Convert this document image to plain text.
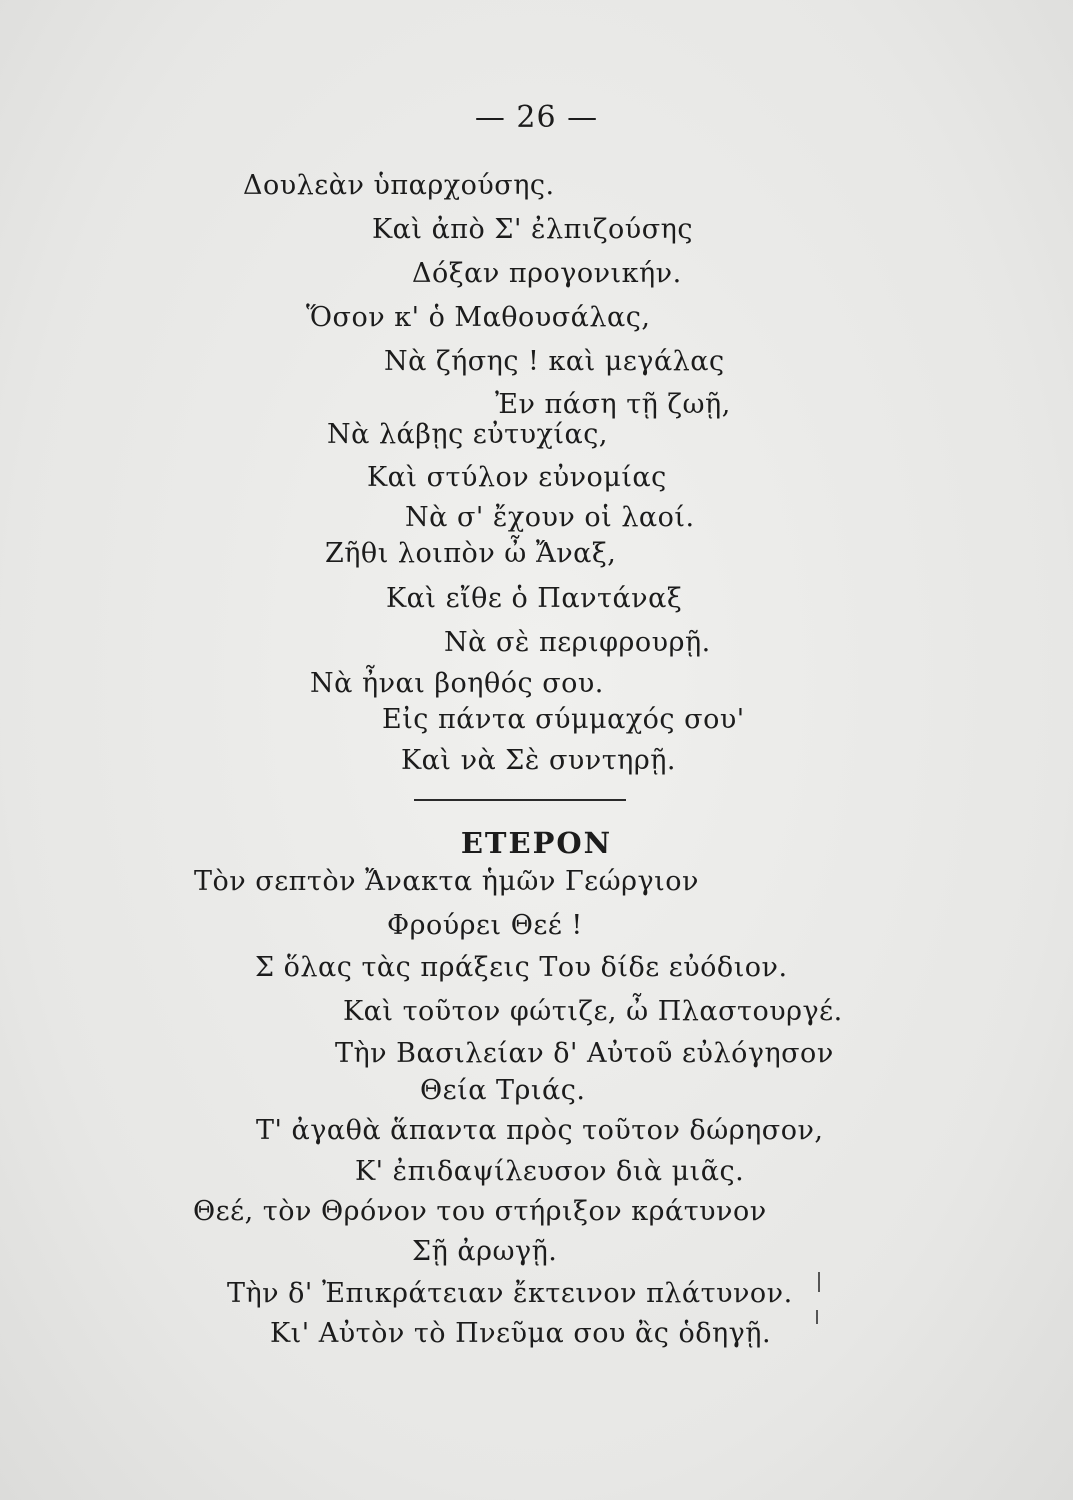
— 26 —
Δουλεὰν ὑπαρχούσης.
Καὶ ἀπὸ Σ' ἐλπιζούσης
Δόξαν προγονικήν.
Ὅσον κ' ὁ Μαθουσάλας,
Νὰ ζήσης ! καὶ μεγάλας
Ἐν πάση τῇ ζωῇ,
Νὰ λάβῃς εὐτυχίας,
Καὶ στύλον εὐνομίας
Νὰ σ' ἔχουν οἱ λαοί.
Ζῆθι λοιπὸν ὦ Ἄναξ,
Καὶ εἴθε ὁ Παντάναξ
Νὰ σὲ περιφρουρῇ.
Νὰ ἦναι βοηθός σου.
Εἰς πάντα σύμμαχός σου'
Καὶ νὰ Σὲ συντηρῇ.
ΕΤΕΡΟΝ
Τὸν σεπτὸν Ἄνακτα ἡμῶν Γεώργιον
Φρούρει Θεέ !
Σ ὅλας τὰς πράξεις Του δίδε εὐόδιον.
Καὶ τοῦτον φώτιζε, ὦ Πλαστουργέ.
Τὴν Βασιλείαν δ' Αὐτοῦ εὐλόγησον
Θεία Τριάς.
Τ' ἀγαθὰ ἅπαντα πρὸς τοῦτον δώρησον,
Κ' ἐπιδαψίλευσον διὰ μιᾶς.
Θεέ, τὸν Θρόνον του στήριξον κράτυνον
Σῇ ἀρωγῇ.
Τὴν δ' Ἐπικράτειαν ἔκτεινον πλάτυνον.
Κι' Αὐτὸν τὸ Πνεῦμα σου ἂς ὁδηγῇ.
